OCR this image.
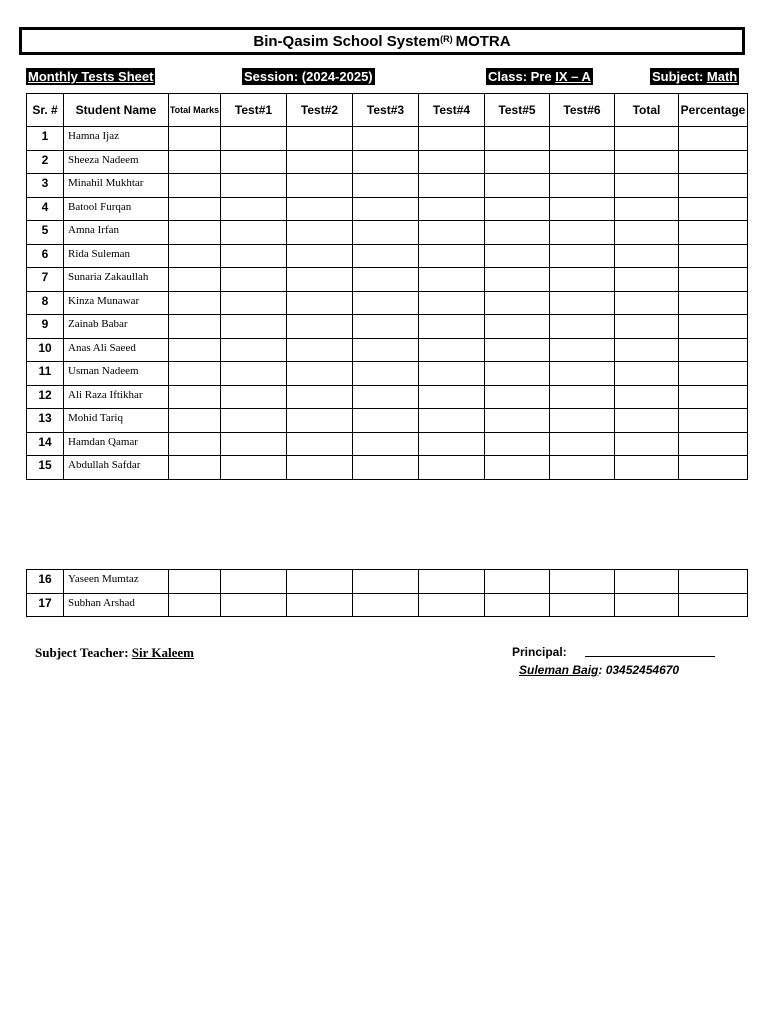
Bin-Qasim School System$^{(R)}$ MOTRA
Monthly Tests Sheet	Session: (2024-2025)	Class: Pre IX – A	Subject: Math
Sr. #	Student Name	Total Marks	Test#1	Test#2	Test#3	Test#4	Test#5	Test#6	Total	Percentage
1	Hamna Ijaz									
2	Sheeza Nadeem									
3	Minahil Mukhtar									
4	Batool Furqan									
5	Amna Irfan									
6	Rida Suleman									
7	Sunaria Zakaullah									
8	Kinza Munawar									
9	Zainab Babar									
10	Anas Ali Saeed									
11	Usman Nadeem									
12	Ali Raza Iftikhar									
13	Mohid Tariq									
14	Hamdan Qamar									
15	Abdullah Safdar									
16	Yaseen Mumtaz									
17	Subhan Arshad									
Subject Teacher: Sir Kaleem	Principal:
Suleman Baig: 03452454670
